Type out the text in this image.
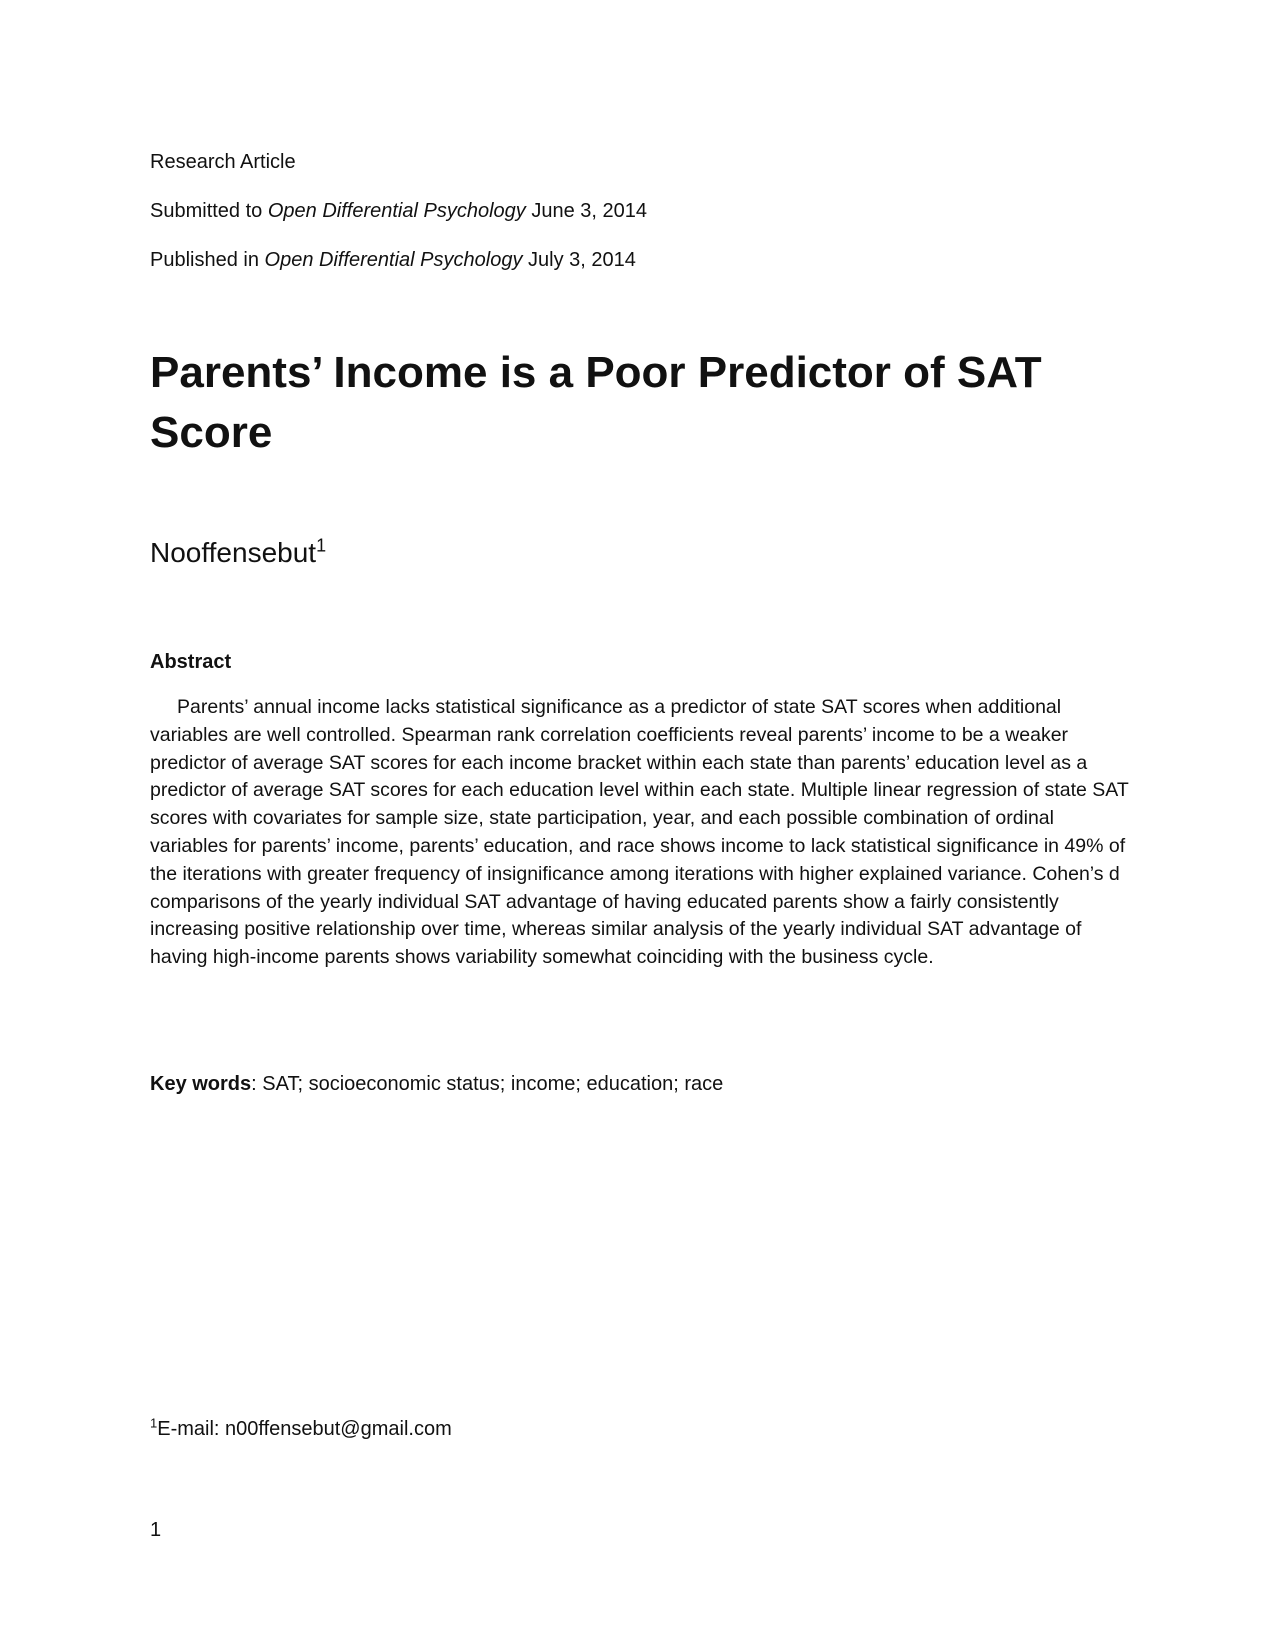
Research Article
Submitted to Open Differential Psychology June 3, 2014
Published in Open Differential Psychology July 3, 2014
Parents’ Income is a Poor Predictor of SAT Score
Nooffensebut$^1$
Abstract

Parents’ annual income lacks statistical significance as a predictor of state SAT scores when additional variables are well controlled. Spearman rank correlation coefficients reveal parents’ income to be a weaker predictor of average SAT scores for each income bracket within each state than parents’ education level as a predictor of average SAT scores for each education level within each state. Multiple linear regression of state SAT scores with covariates for sample size, state participation, year, and each possible combination of ordinal variables for parents’ income, parents’ education, and race shows income to lack statistical significance in 49% of the iterations with greater frequency of insignificance among iterations with higher explained variance. Cohen’s d comparisons of the yearly individual SAT advantage of having educated parents show a fairly consistently increasing positive relationship over time, whereas similar analysis of the yearly individual SAT advantage of having high-income parents shows variability somewhat coinciding with the business cycle.

Key words: SAT; socioeconomic status; income; education; race
$^1$E-mail: n00ffensebut@gmail.com
1
